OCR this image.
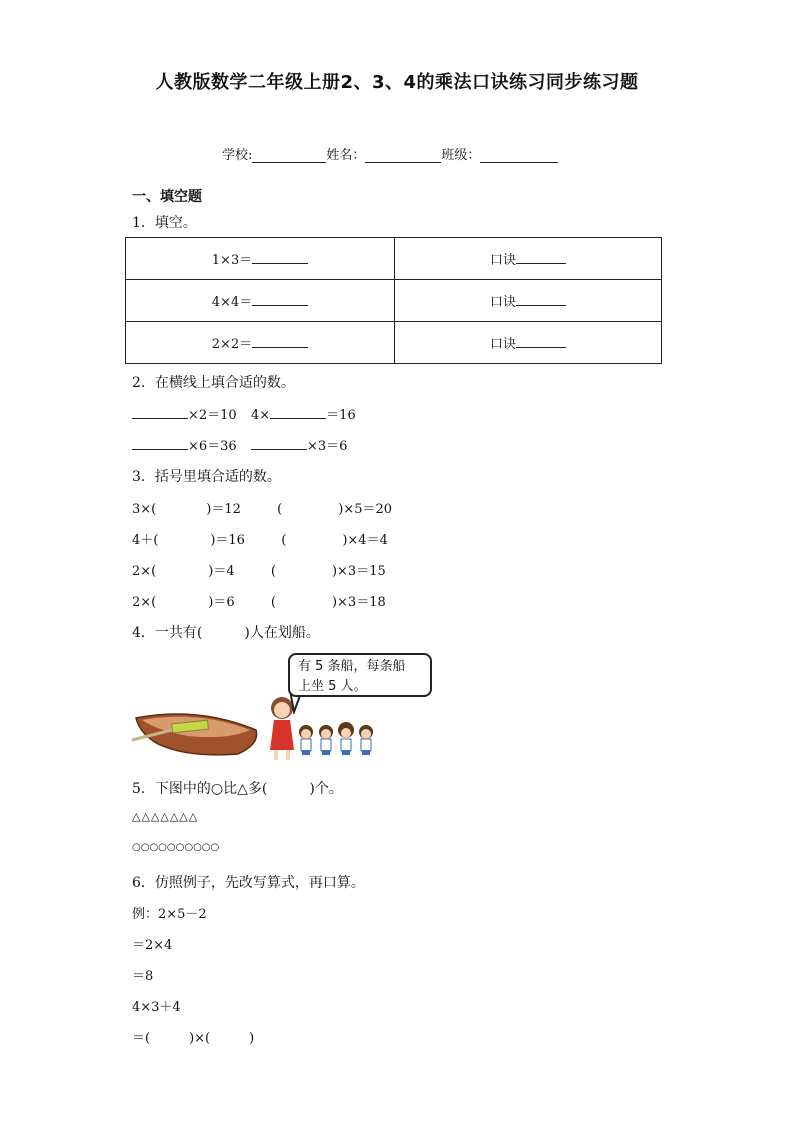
人教版数学二年级上册2、3、4的乘法口诀练习同步练习题
学校:	姓名：	班级：
一、填空题
1．填空。
1×3＝	口诀
4×4＝	口诀
2×2＝	口诀
2．在横线上填合适的数。
×2＝10 4×	＝16
×6＝36	×3＝6
3．括号里填合适的数。
3×(	)＝12	(	)×5＝20
4＋(	)＝16	(	)×4＝4
2×(	)＝4	(	)×3＝15
2×(	)＝6	(	)×3＝18
4．一共有(　　　)人在划船。
有 5 条船，每条船
上坐 5 人。
5．下图中的○比△多(　　　)个。
△△△△△△△
○○○○○○○○○○
6．仿照例子，先改写算式，再口算。
例：2×5－2
＝2×4
＝8
4×3＋4
＝(　　　)×(　　　)
